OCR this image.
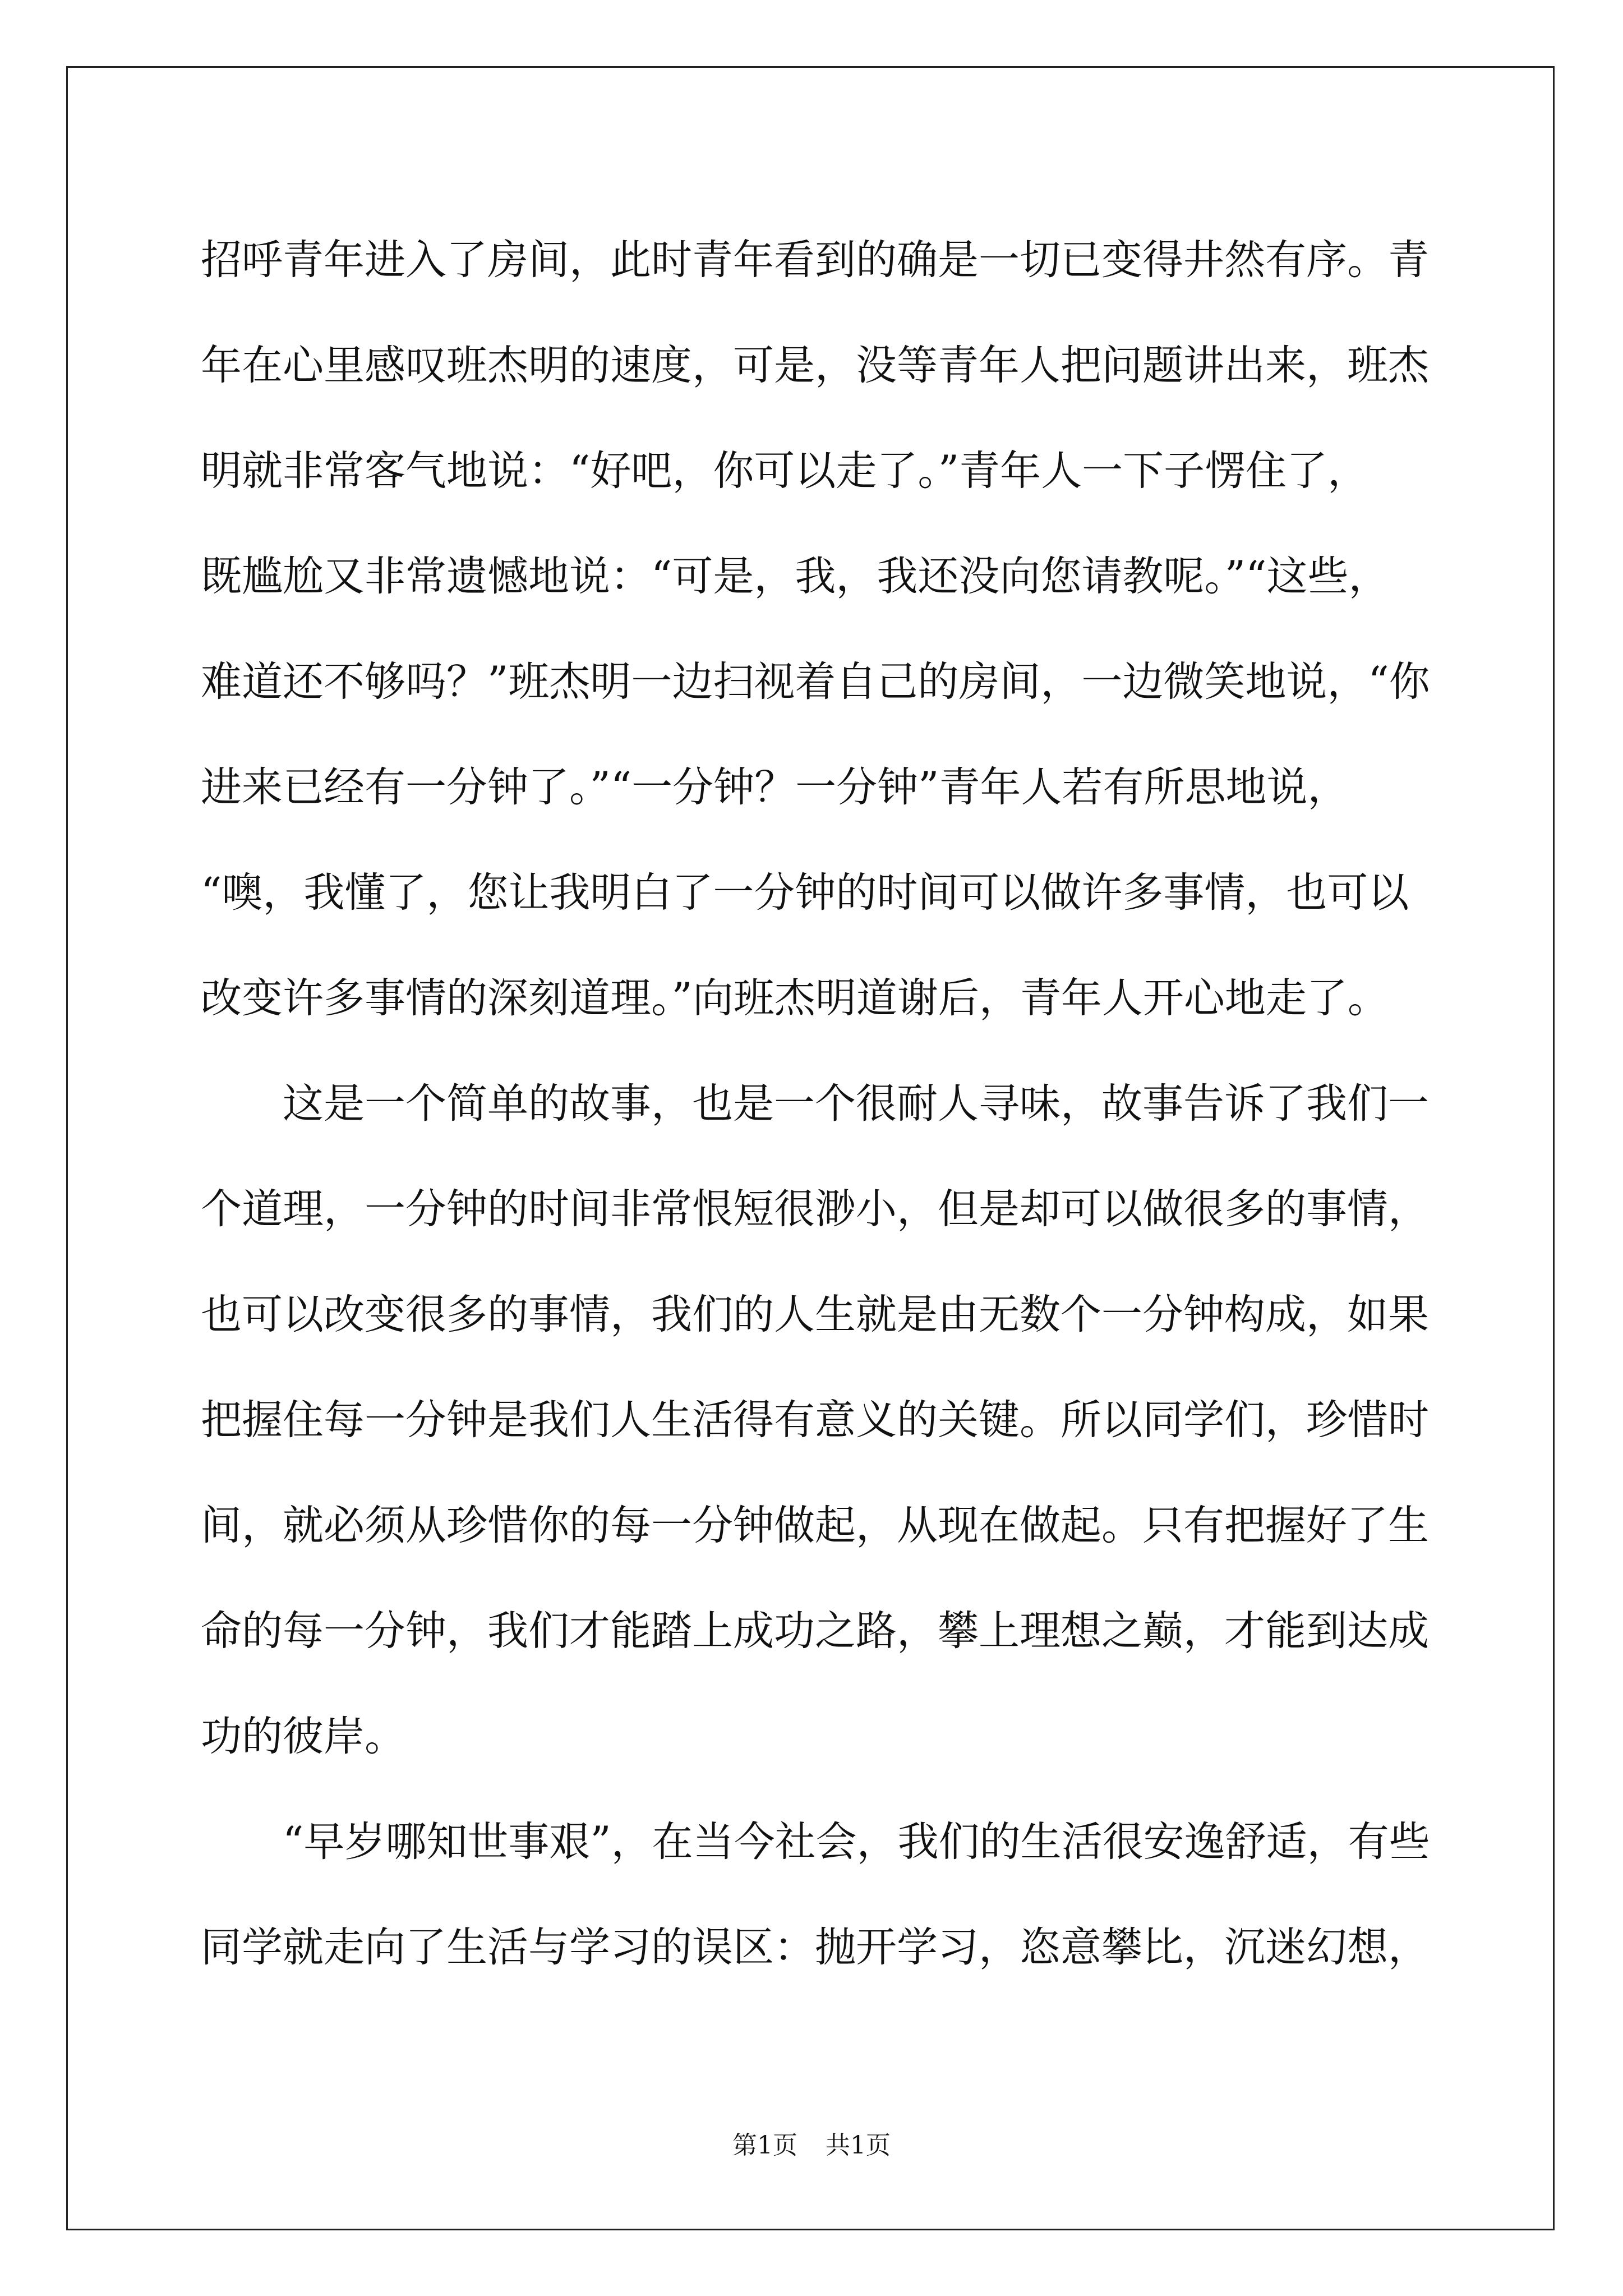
招呼青年进入了房间，此时青年看到的确是一切已变得井然有序。青
年在心里感叹班杰明的速度，可是，没等青年人把问题讲出来，班杰
明就非常客气地说：“好吧，你可以走了。”青年人一下子愣住了，
既尴尬又非常遗憾地说：“可是，我，我还没向您请教呢。”“这些，
难道还不够吗？”班杰明一边扫视着自己的房间，一边微笑地说，“你
进来已经有一分钟了。”“一分钟？一分钟”青年人若有所思地说，
“噢，我懂了，您让我明白了一分钟的时间可以做许多事情，也可以
改变许多事情的深刻道理。”向班杰明道谢后，青年人开心地走了。
　　这是一个简单的故事，也是一个很耐人寻味，故事告诉了我们一
个道理，一分钟的时间非常恨短很渺小，但是却可以做很多的事情，
也可以改变很多的事情，我们的人生就是由无数个一分钟构成，如果
把握住每一分钟是我们人生活得有意义的关键。所以同学们，珍惜时
间，就必须从珍惜你的每一分钟做起，从现在做起。只有把握好了生
命的每一分钟，我们才能踏上成功之路，攀上理想之巅，才能到达成
功的彼岸。
　　“早岁哪知世事艰”，在当今社会，我们的生活很安逸舒适，有些
同学就走向了生活与学习的误区：抛开学习，恣意攀比，沉迷幻想，
第1页 共1页
